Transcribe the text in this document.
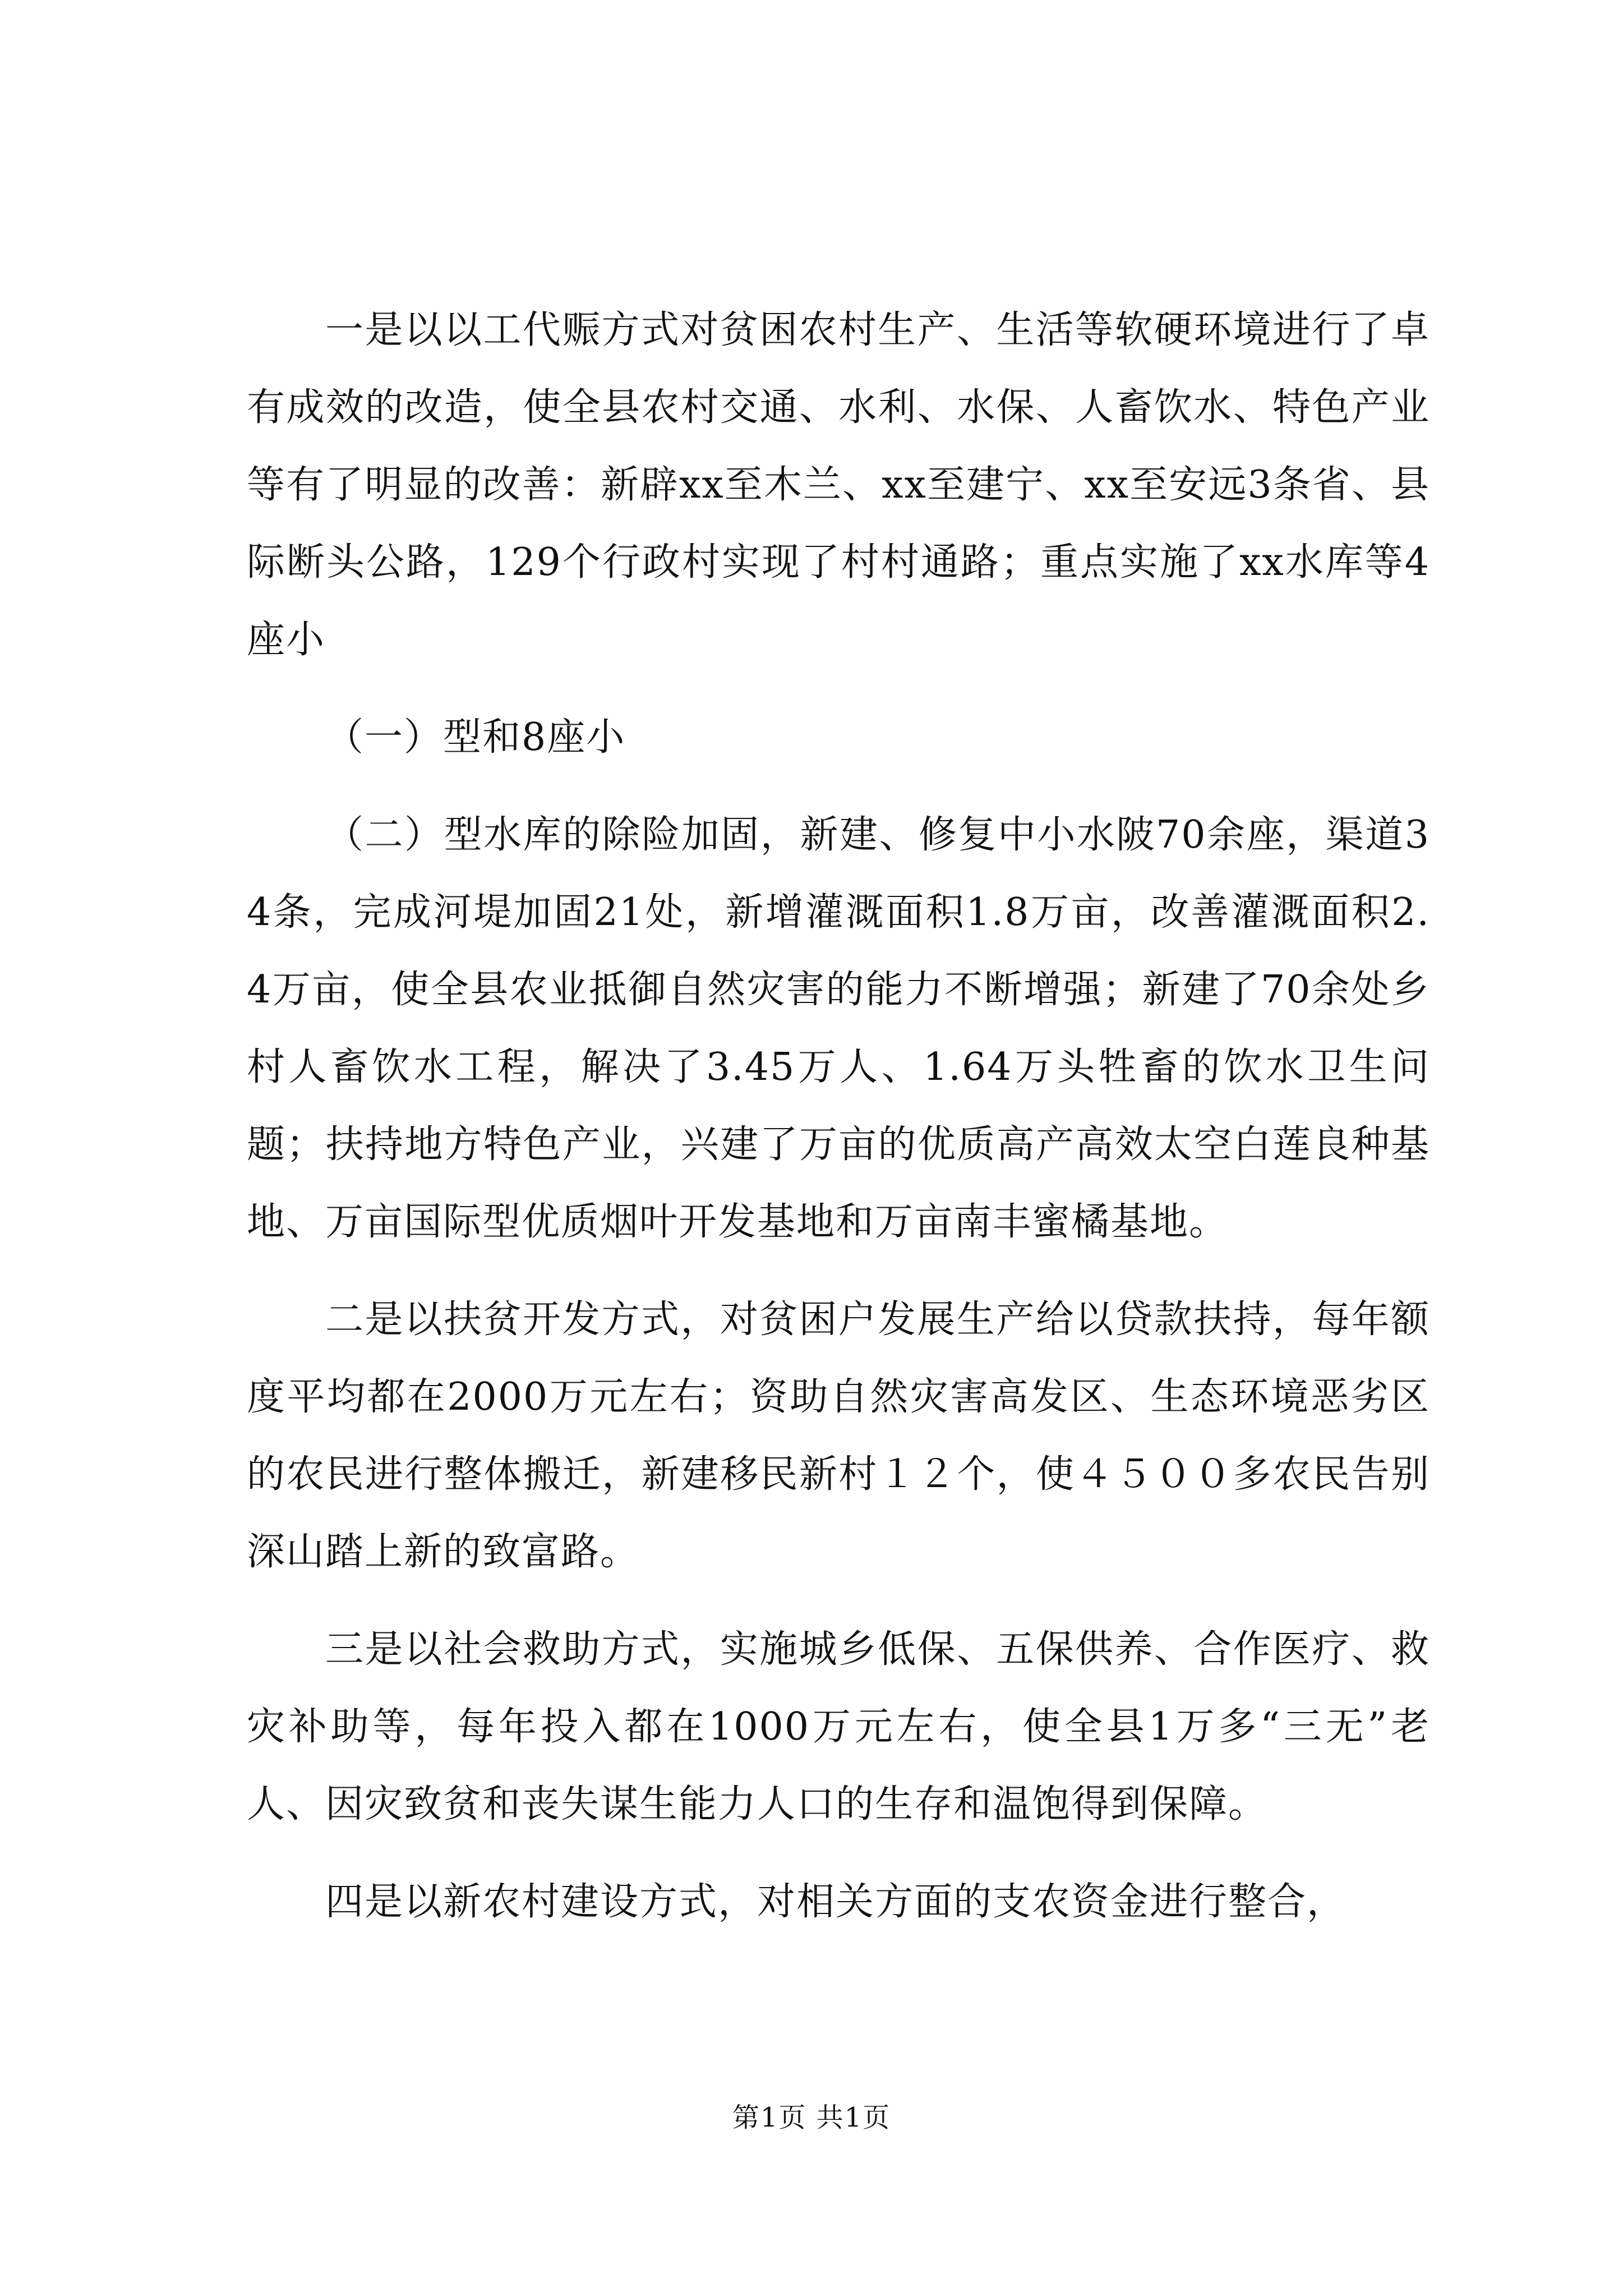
一是以以工代赈方式对贫困农村生产、生活等软硬环境进行了卓有成效的改造，使全县农村交通、水利、水保、人畜饮水、特色产业等有了明显的改善：新辟xx至木兰、xx至建宁、xx至安远3条省、县际断头公路，129个行政村实现了村村通路；重点实施了xx水库等4座小

（一）型和8座小

（二）型水库的除险加固，新建、修复中小水陂70余座，渠道34条，完成河堤加固21处，新增灌溉面积1.8万亩，改善灌溉面积2.4万亩，使全县农业抵御自然灾害的能力不断增强；新建了70余处乡村人畜饮水工程，解决了3.45万人、1.64万头牲畜的饮水卫生问题；扶持地方特色产业，兴建了万亩的优质高产高效太空白莲良种基地、万亩国际型优质烟叶开发基地和万亩南丰蜜橘基地。

二是以扶贫开发方式，对贫困户发展生产给以贷款扶持，每年额度平均都在2000万元左右；资助自然灾害高发区、生态环境恶劣区的农民进行整体搬迁，新建移民新村１２个，使４５００多农民告别深山踏上新的致富路。

三是以社会救助方式，实施城乡低保、五保供养、合作医疗、救灾补助等，每年投入都在1000万元左右，使全县1万多“三无”老人、因灾致贫和丧失谋生能力人口的生存和温饱得到保障。

四是以新农村建设方式，对相关方面的支农资金进行整合，

第1页 共1页
